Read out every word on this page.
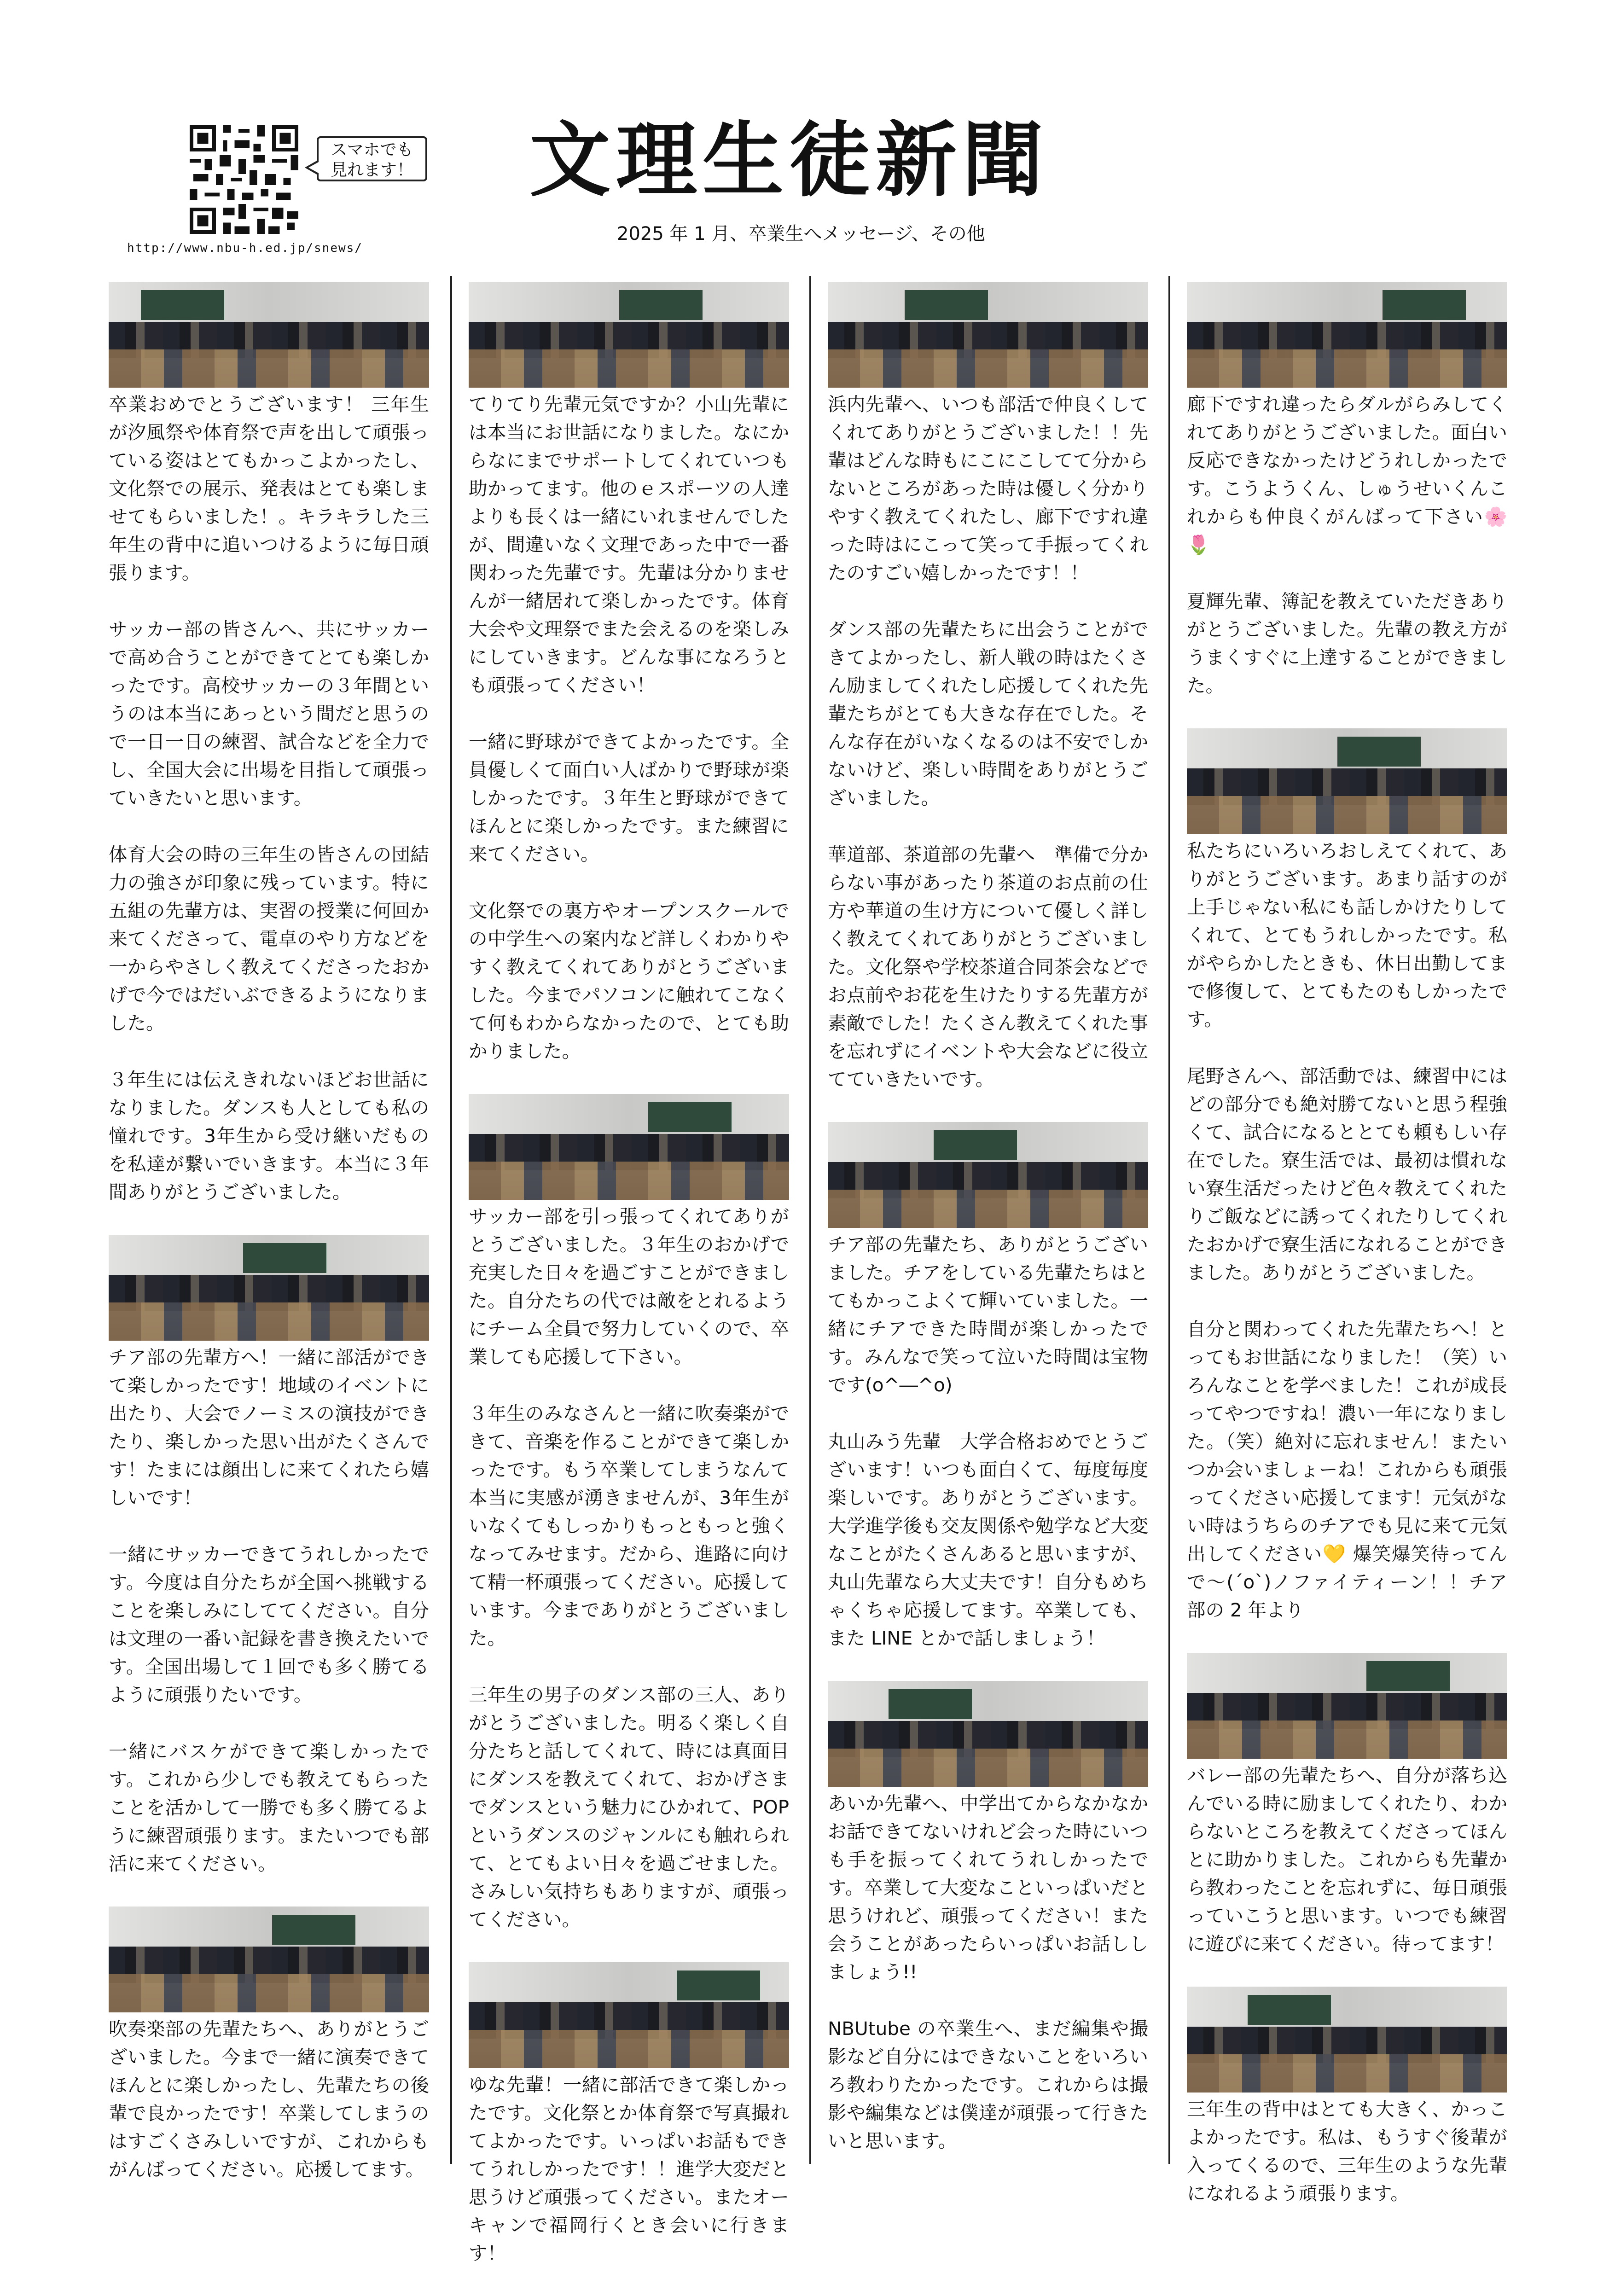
スマホでも
見れます！
http://www.nbu-h.ed.jp/snews/
文理生徒新聞
2025 年 1 月、卒業生へメッセージ、その他

卒業おめでとうございます！ 三年生が汐風祭や体育祭で声を出して頑張っている姿はとてもかっこよかったし、文化祭での展示、発表はとても楽しませてもらいました！。キラキラした三年生の背中に追いつけるように毎日頑張ります。

サッカー部の皆さんへ、共にサッカーで高め合うことができてとても楽しかったです。高校サッカーの３年間というのは本当にあっという間だと思うので一日一日の練習、試合などを全力でし、全国大会に出場を目指して頑張っていきたいと思います。

体育大会の時の三年生の皆さんの団結力の強さが印象に残っています。特に五組の先輩方は、実習の授業に何回か来てくださって、電卓のやり方などを一からやさしく教えてくださったおかげで今ではだいぶできるようになりました。

３年生には伝えきれないほどお世話になりました。ダンスも人としても私の憧れです。3年生から受け継いだものを私達が繋いでいきます。本当に３年間ありがとうございました。

チア部の先輩方へ！一緒に部活ができて楽しかったです！地域のイベントに出たり、大会でノーミスの演技ができたり、楽しかった思い出がたくさんです！たまには顔出しに来てくれたら嬉しいです！

一緒にサッカーできてうれしかったです。今度は自分たちが全国へ挑戦することを楽しみにしててください。自分は文理の一番い記録を書き換えたいです。全国出場して１回でも多く勝てるように頑張りたいです。

一緒にバスケができて楽しかったです。これから少しでも教えてもらったことを活かして一勝でも多く勝てるように練習頑張ります。またいつでも部活に来てください。

吹奏楽部の先輩たちへ、ありがとうございました。今まで一緒に演奏できてほんとに楽しかったし、先輩たちの後輩で良かったです！卒業してしまうのはすごくさみしいですが、これからもがんばってください。応援してます。

てりてり先輩元気ですか？小山先輩には本当にお世話になりました。なにからなにまでサポートしてくれていつも助かってます。他のｅスポーツの人達よりも長くは一緒にいれませんでしたが、間違いなく文理であった中で一番関わった先輩です。先輩は分かりませんが一緒居れて楽しかったです。体育大会や文理祭でまた会えるのを楽しみにしていきます。どんな事になろうとも頑張ってください！

一緒に野球ができてよかったです。全員優しくて面白い人ばかりで野球が楽しかったです。３年生と野球ができてほんとに楽しかったです。また練習に来てください。

文化祭での裏方やオープンスクールでの中学生への案内など詳しくわかりやすく教えてくれてありがとうございました。今までパソコンに触れてこなくて何もわからなかったので、とても助かりました。

サッカー部を引っ張ってくれてありがとうございました。３年生のおかげで充実した日々を過ごすことができました。自分たちの代では敵をとれるようにチーム全員で努力していくので、卒業しても応援して下さい。

３年生のみなさんと一緒に吹奏楽ができて、音楽を作ることができて楽しかったです。もう卒業してしまうなんて本当に実感が湧きませんが、3年生がいなくてもしっかりもっともっと強くなってみせます。だから、進路に向けて精一杯頑張ってください。応援しています。今までありがとうございました。

三年生の男子のダンス部の三人、ありがとうございました。明るく楽しく自分たちと話してくれて、時には真面目にダンスを教えてくれて、おかげさまでダンスという魅力にひかれて、POP というダンスのジャンルにも触れられて、とてもよい日々を過ごせました。さみしい気持ちもありますが、頑張ってください。

ゆな先輩！一緒に部活できて楽しかったです。文化祭とか体育祭で写真撮れてよかったです。いっぱいお話もできてうれしかったです！！進学大変だと思うけど頑張ってください。またオーキャンで福岡行くとき会いに行きます！

浜内先輩へ、いつも部活で仲良くしてくれてありがとうございました！！先輩はどんな時もにこにこしてて分からないところがあった時は優しく分かりやすく教えてくれたし、廊下ですれ違った時はにこって笑って手振ってくれたのすごい嬉しかったです！！

ダンス部の先輩たちに出会うことができてよかったし、新人戦の時はたくさん励ましてくれたし応援してくれた先輩たちがとても大きな存在でした。そんな存在がいなくなるのは不安でしかないけど、楽しい時間をありがとうございました。

華道部、茶道部の先輩へ　準備で分からない事があったり茶道のお点前の仕方や華道の生け方について優しく詳しく教えてくれてありがとうございました。文化祭や学校茶道合同茶会などでお点前やお花を生けたりする先輩方が素敵でした！たくさん教えてくれた事を忘れずにイベントや大会などに役立てていきたいです。

チア部の先輩たち、ありがとうございました。チアをしている先輩たちはとてもかっこよくて輝いていました。一緒にチアできた時間が楽しかったです。みんなで笑って泣いた時間は宝物です(o^―^o)

丸山みう先輩　大学合格おめでとうございます！いつも面白くて、毎度毎度楽しいです。ありがとうございます。大学進学後も交友関係や勉学など大変なことがたくさんあると思いますが、丸山先輩なら大丈夫です！自分もめちゃくちゃ応援してます。卒業しても、また LINE とかで話しましょう！

あいか先輩へ、中学出てからなかなかお話できてないけれど会った時にいつも手を振ってくれてうれしかったです。卒業して大変なこといっぱいだと思うけれど、頑張ってください！また会うことがあったらいっぱいお話ししましょう!!

NBUtube の卒業生へ、まだ編集や撮影など自分にはできないことをいろいろ教わりたかったです。これからは撮影や編集などは僕達が頑張って行きたいと思います。

廊下ですれ違ったらダルがらみしてくれてありがとうございました。面白い反応できなかったけどうれしかったです。こうようくん、しゅうせいくんこれからも仲良くがんばって下さい🌸 🌷

夏輝先輩、簿記を教えていただきありがとうございました。先輩の教え方がうまくすぐに上達することができました。

私たちにいろいろおしえてくれて、ありがとうございます。あまり話すのが上手じゃない私にも話しかけたりしてくれて、とてもうれしかったです。私がやらかしたときも、休日出勤してまで修復して、とてもたのもしかったです。

尾野さんへ、部活動では、練習中にはどの部分でも絶対勝てないと思う程強くて、試合になるととても頼もしい存在でした。寮生活では、最初は慣れない寮生活だったけど色々教えてくれたりご飯などに誘ってくれたりしてくれたおかげで寮生活になれることができました。ありがとうございました。

自分と関わってくれた先輩たちへ！とってもお世話になりました！（笑）いろんなことを学べました！これが成長ってやつですね！濃い一年になりました。（笑）絶対に忘れません！またいつか会いましょーね！これからも頑張ってください応援してます！元気がない時はうちらのチアでも見に来て元気出してください💛 爆笑爆笑待ってんで～(´o`)ノファイティーン！！チア部の 2 年より

バレー部の先輩たちへ、自分が落ち込んでいる時に励ましてくれたり、わからないところを教えてくださってほんとに助かりました。これからも先輩から教わったことを忘れずに、毎日頑張っていこうと思います。いつでも練習に遊びに来てください。待ってます！

三年生の背中はとても大きく、かっこよかったです。私は、もうすぐ後輩が入ってくるので、三年生のような先輩になれるよう頑張ります。
